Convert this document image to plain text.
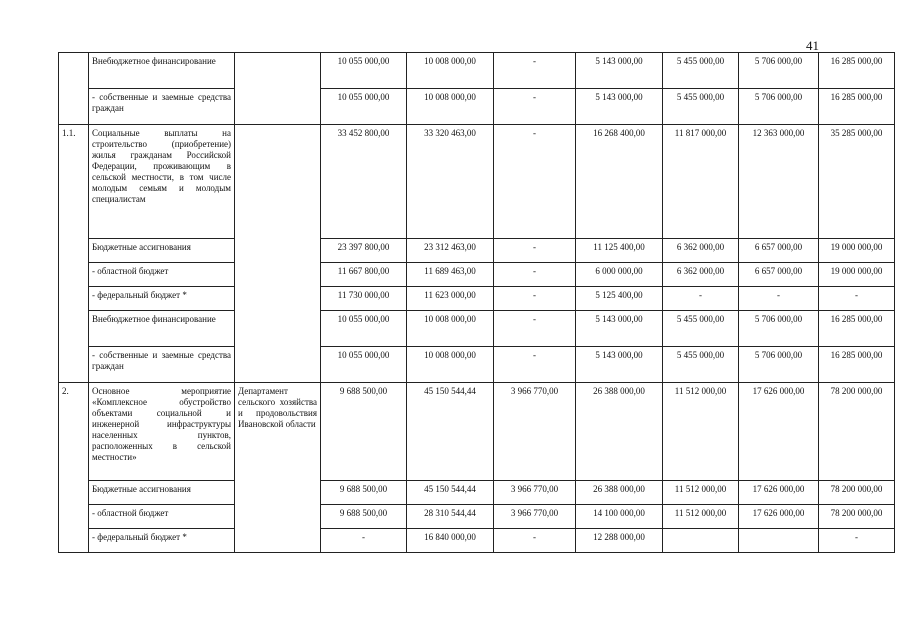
41
	Внебюджетное финансирование		10 055 000,00	10 008 000,00	-	5 143 000,00	5 455 000,00	5 706 000,00	16 285 000,00
	- собственные и заемные средства граждан		10 055 000,00	10 008 000,00	-	5 143 000,00	5 455 000,00	5 706 000,00	16 285 000,00
1.1.	Социальные выплаты на строительство (приобретение) жилья гражданам Российской Федерации, проживающим в сельской местности, в том числе молодым семьям и молодым специалистам		33 452 800,00	33 320 463,00	-	16 268 400,00	11 817 000,00	12 363 000,00	35 285 000,00
	Бюджетные ассигнования		23 397 800,00	23 312 463,00	-	11 125 400,00	6 362 000,00	6 657 000,00	19 000 000,00
	- областной бюджет		11 667 800,00	11 689 463,00	-	6 000 000,00	6 362 000,00	6 657 000,00	19 000 000,00
	- федеральный бюджет *		11 730 000,00	11 623 000,00	-	5 125 400,00	-	-	-
	Внебюджетное финансирование		10 055 000,00	10 008 000,00	-	5 143 000,00	5 455 000,00	5 706 000,00	16 285 000,00
	- собственные и заемные средства граждан		10 055 000,00	10 008 000,00	-	5 143 000,00	5 455 000,00	5 706 000,00	16 285 000,00
2.	Основное мероприятие «Комплексное обустройство объектами социальной и инженерной инфраструктуры населенных пунктов, расположенных в сельской местности»	Департамент сельского хозяйства и продовольствия Ивановской области	9 688 500,00	45 150 544,44	3 966 770,00	26 388 000,00	11 512 000,00	17 626 000,00	78 200 000,00
	Бюджетные ассигнования		9 688 500,00	45 150 544,44	3 966 770,00	26 388 000,00	11 512 000,00	17 626 000,00	78 200 000,00
	- областной бюджет		9 688 500,00	28 310 544,44	3 966 770,00	14 100 000,00	11 512 000,00	17 626 000,00	78 200 000,00
	- федеральный бюджет *		-	16 840 000,00	-	12 288 000,00			-
